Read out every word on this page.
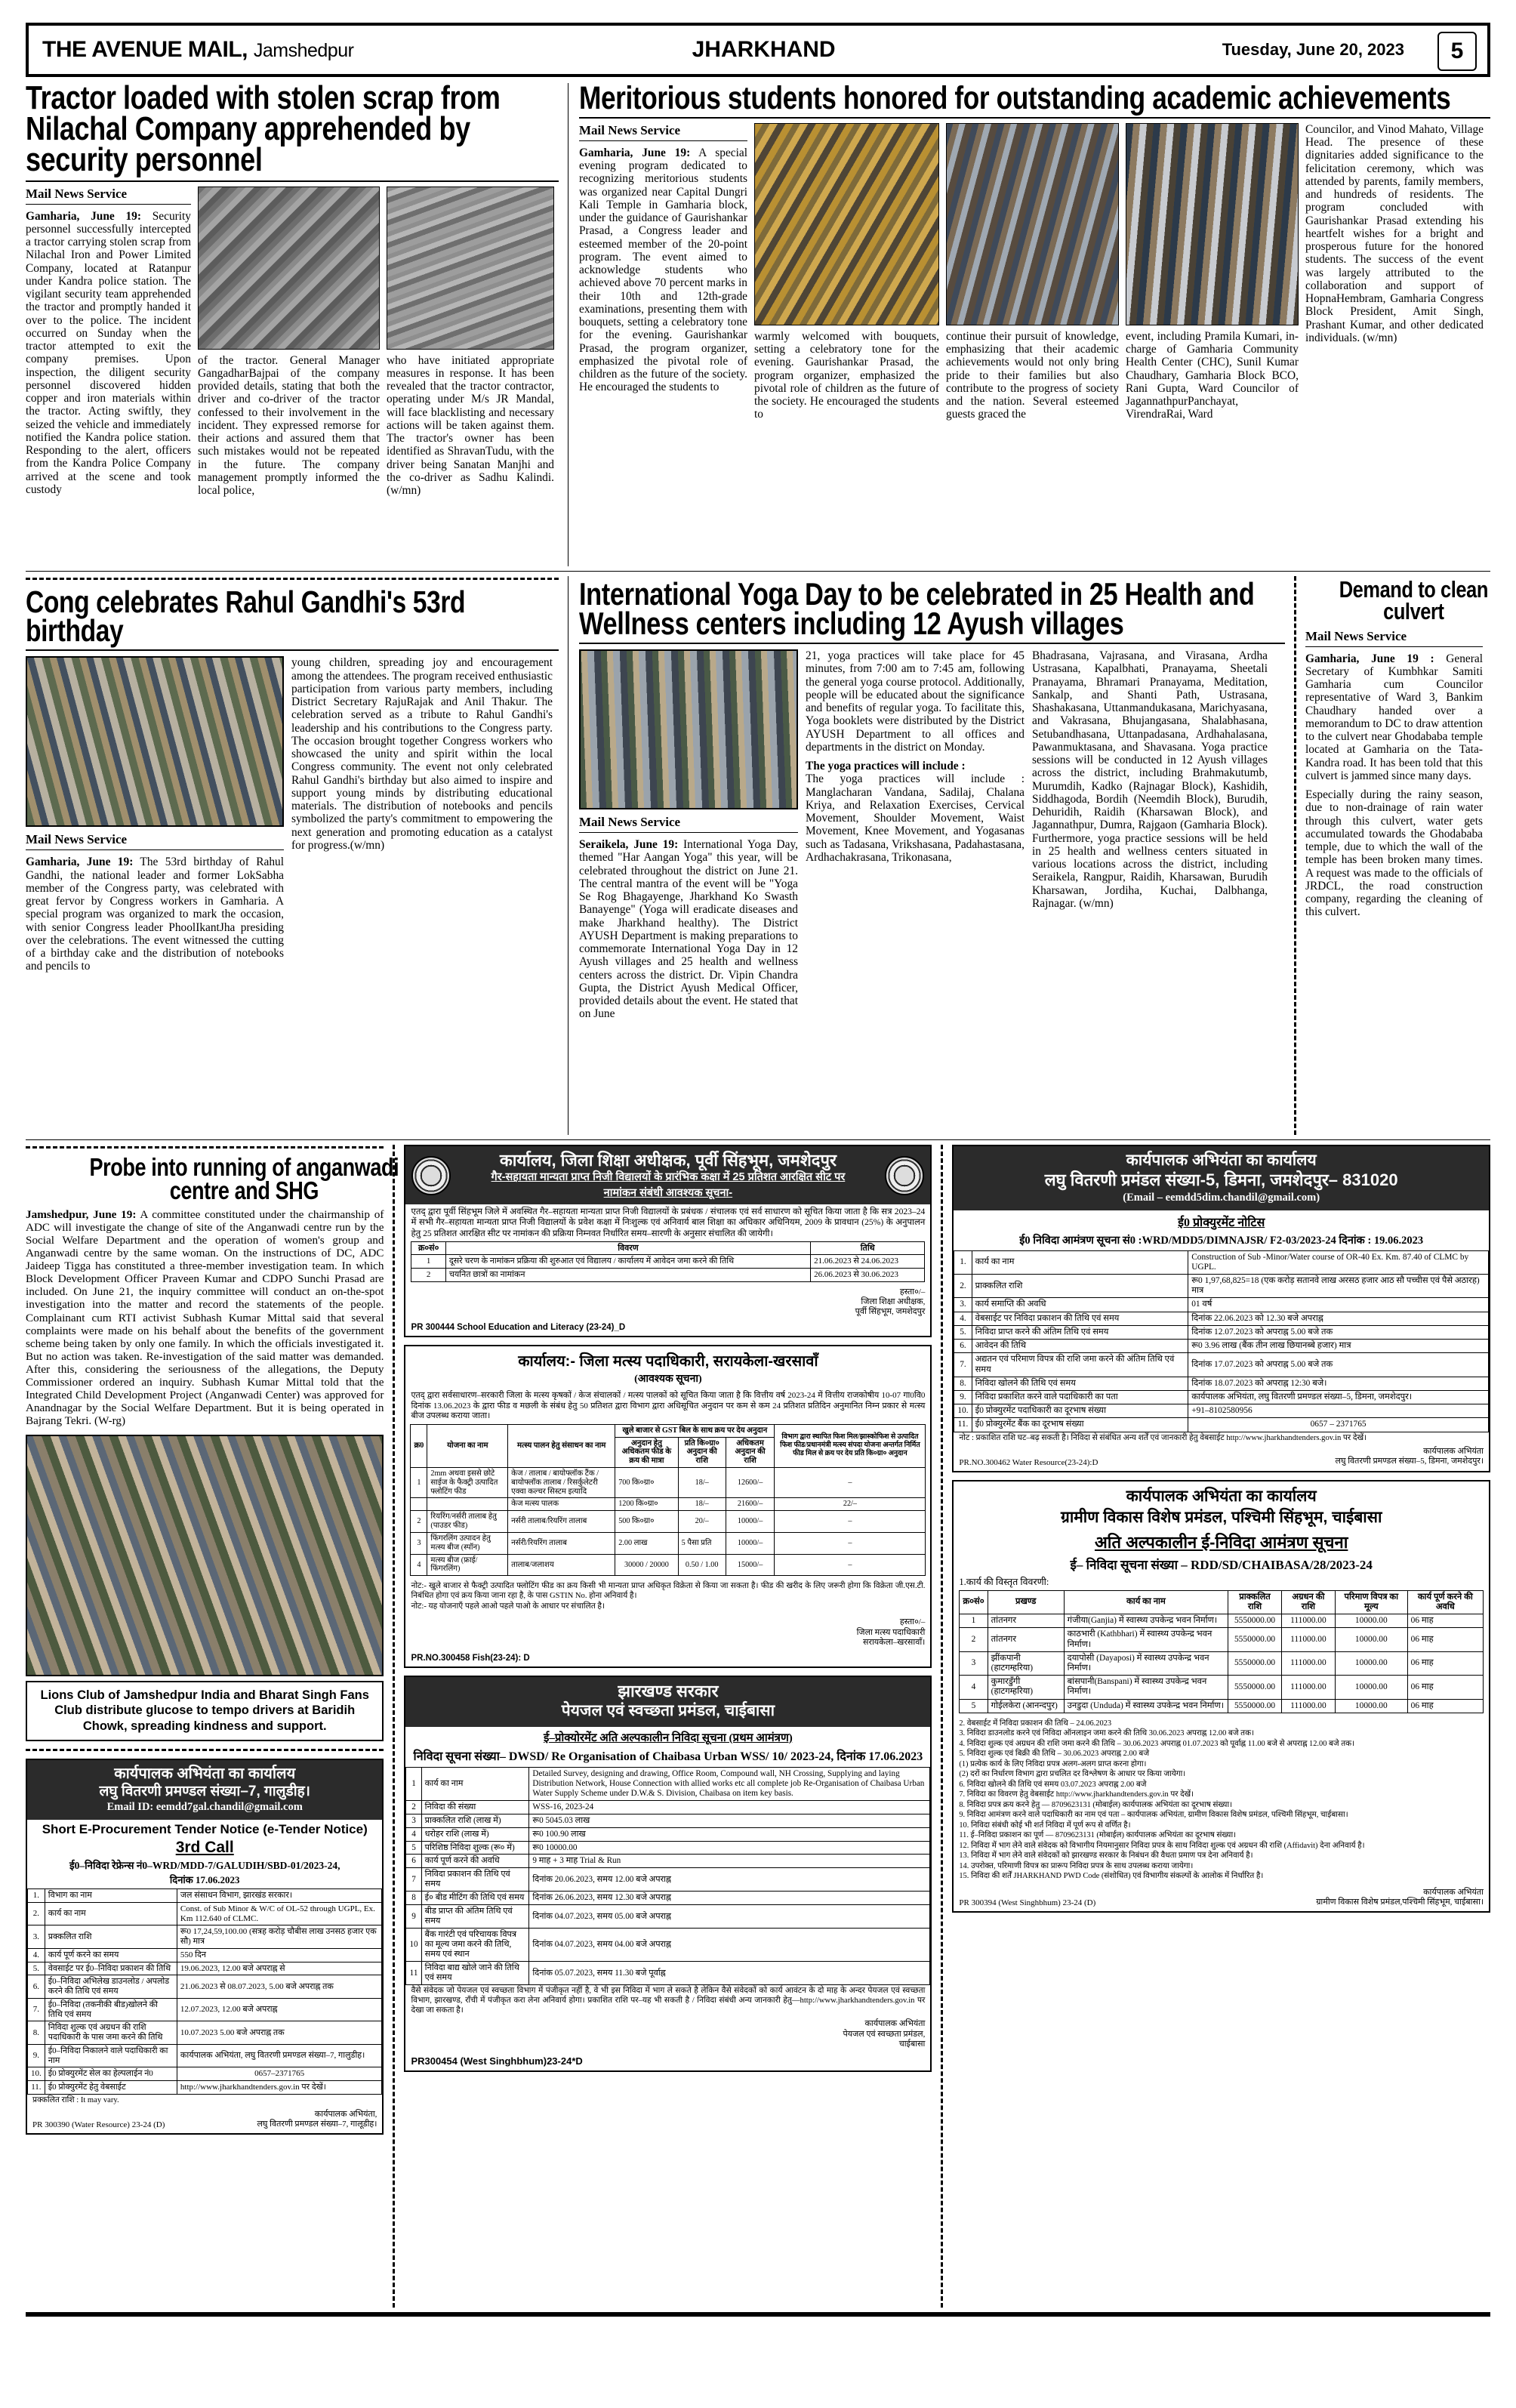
THE AVENUE MAIL, Jamshedpur	JHARKHAND	Tuesday, June 20, 2023	5
Tractor loaded with stolen scrap from Nilachal Company apprehended by security personnel
Mail News Service
Gamharia, June 19: Security personnel successfully intercepted a tractor carrying stolen scrap from Nilachal Iron and Power Limited Company, located at Ratanpur under Kandra police station. The vigilant security team apprehended the tractor and promptly handed it over to the police. The incident occurred on Sunday when the tractor attempted to exit the company premises. Upon inspection, the diligent security personnel discovered hidden copper and iron materials within the tractor. Acting swiftly, they seized the vehicle and immediately notified the Kandra police station. Responding to the alert, officers from the Kandra Police Company arrived at the scene and took custody
of the tractor. General Manager GangadharBajpai of the company provided details, stating that both the driver and co-driver of the tractor confessed to their involvement in the incident. They expressed remorse for their actions and assured them that such mistakes would not be repeated in the future. The company management promptly informed the local police,
who have initiated appropriate measures in response. It has been revealed that the tractor contractor, operating under M/s JR Mandal, will face blacklisting and necessary actions will be taken against them. The tractor's owner has been identified as ShravanTudu, with the driver being Sanatan Manjhi and the co-driver as Sadhu Kalindi.(w/mn)
Meritorious students honored for outstanding academic achievements
Mail News Service
Gamharia, June 19: A special evening program dedicated to recognizing meritorious students was organized near Capital Dungri Kali Temple in Gamharia block, under the guidance of Gaurishankar Prasad, a Congress leader and esteemed member of the 20-point program. The event aimed to acknowledge students who achieved above 70 percent marks in their 10th and 12th-grade examinations, presenting them with bouquets, setting a celebratory tone for the evening. Gaurishankar Prasad, the program organizer, emphasized the pivotal role of children as the future of the society. He encouraged the students to
warmly welcomed with bouquets, setting a celebratory tone for the evening. Gaurishankar Prasad, the program organizer, emphasized the pivotal role of children as the future of the society. He encouraged the students to
continue their pursuit of knowledge, emphasizing that their academic achievements would not only bring pride to their families but also contribute to the progress of society and the nation. Several esteemed guests graced the
event, including Pramila Kumari, in-charge of Gamharia Community Health Center (CHC), Sunil Kumar Chaudhary, Gamharia Block BCO, Rani Gupta, Ward Councilor of JagannathpurPanchayat, VirendraRai, Ward
Councilor, and Vinod Mahato, Village Head. The presence of these dignitaries added significance to the felicitation ceremony, which was attended by parents, family members, and hundreds of residents. The program concluded with Gaurishankar Prasad extending his heartfelt wishes for a bright and prosperous future for the honored students. The success of the event was largely attributed to the collaboration and support of HopnaHembram, Gamharia Congress Block President, Amit Singh, Prashant Kumar, and other dedicated individuals. (w/mn)
Cong celebrates Rahul Gandhi's 53rd birthday
Mail News Service
Gamharia, June 19: The 53rd birthday of Rahul Gandhi, the national leader and former LokSabha member of the Congress party, was celebrated with great fervor by Congress workers in Gamharia. A special program was organized to mark the occasion, with senior Congress leader PhoolIkantJha presiding over the celebrations. The event witnessed the cutting of a birthday cake and the distribution of notebooks and pencils to
young children, spreading joy and encouragement among the attendees. The program received enthusiastic participation from various party members, including District Secretary RajuRajak and Anil Thakur. The celebration served as a tribute to Rahul Gandhi's leadership and his contributions to the Congress party. The occasion brought together Congress workers who showcased the unity and spirit within the local Congress community. The event not only celebrated Rahul Gandhi's birthday but also aimed to inspire and support young minds by distributing educational materials. The distribution of notebooks and pencils symbolized the party's commitment to empowering the next generation and promoting education as a catalyst for progress.(w/mn)
International Yoga Day to be celebrated in 25 Health and Wellness centers including 12 Ayush villages
Mail News Service
Seraikela, June 19: International Yoga Day, themed "Har Aangan Yoga" this year, will be celebrated throughout the district on June 21. The central mantra of the event will be "Yoga Se Rog Bhagayenge, Jharkhand Ko Swasth Banayenge" (Yoga will eradicate diseases and make Jharkhand healthy). The District AYUSH Department is making preparations to commemorate International Yoga Day in 12 Ayush villages and 25 health and wellness centers across the district. Dr. Vipin Chandra Gupta, the District Ayush Medical Officer, provided details about the event. He stated that on June
21, yoga practices will take place for 45 minutes, from 7:00 am to 7:45 am, following the general yoga course protocol. Additionally, people will be educated about the significance and benefits of regular yoga. To facilitate this, Yoga booklets were distributed by the District AYUSH Department to all offices and departments in the district on Monday.
The yoga practices will include :
The yoga practices will include : Manglacharan Vandana, Sadilaj, Chalana Kriya, and Relaxation Exercises, Cervical Movement, Shoulder Movement, Waist Movement, Knee Movement, and Yogasanas such as Tadasana, Vrikshasana, Padahastasana, Ardhachakrasana, Trikonasana,
Bhadrasana, Vajrasana, and Virasana, Ardha Ustrasana, Kapalbhati, Pranayama, Sheetali Pranayama, Bhramari Pranayama, Meditation, Sankalp, and Shanti Path, Ustrasana, Shashakasana, Uttanmandukasana, Marichyasana, and Vakrasana, Bhujangasana, Shalabhasana, Setubandhasana, Uttanpadasana, Ardhahalasana, Pawanmuktasana, and Shavasana. Yoga practice sessions will be conducted in 12 Ayush villages across the district, including Brahmakutumb, Murumdih, Kadko (Rajnagar Block), Kashidih, Siddhagoda, Bordih (Neemdih Block), Burudih, Dehuridih, Raidih (Kharsawan Block), and Jagannathpur, Dumra, Rajgaon (Gamharia Block). Furthermore, yoga practice sessions will be held in 25 health and wellness centers situated in various locations across the district, including Seraikela, Rangpur, Raidih, Kharsawan, Burudih Kharsawan, Jordiha, Kuchai, Dalbhanga, Rajnagar. (w/mn)
Demand to clean culvert
Mail News Service
Gamharia, June 19 : General Secretary of Kumbhkar Samiti Gamharia cum Councilor representative of Ward 3, Bankim Chaudhary handed over a memorandum to DC to draw attention to the culvert near Ghodababa temple located at Gamharia on the Tata-Kandra road. It has been told that this culvert is jammed since many days.
Especially during the rainy season, due to non-drainage of rain water through this culvert, water gets accumulated towards the Ghodababa temple, due to which the wall of the temple has been broken many times. A request was made to the officials of JRDCL, the road construction company, regarding the cleaning of this culvert.
Probe into running of anganwadi centre and SHG
Jamshedpur, June 19: A committee constituted under the chairmanship of ADC will investigate the change of site of the Anganwadi centre run by the Social Welfare Department and the operation of women's group and Anganwadi centre by the same woman. On the instructions of DC, ADC Jaideep Tigga has constituted a three-member investigation team. In which Block Development Officer Praveen Kumar and CDPO Sunchi Prasad are included. On June 21, the inquiry committee will conduct an on-the-spot investigation into the matter and record the statements of the people. Complainant cum RTI activist Subhash Kumar Mittal said that several complaints were made on his behalf about the benefits of the government scheme being taken by only one family. In which the officials investigated it. But no action was taken. Re-investigation of the said matter was demanded. After this, considering the seriousness of the allegations, the Deputy Commissioner ordered an inquiry. Subhash Kumar Mittal told that the Integrated Child Development Project (Anganwadi Center) was approved for Anandnagar by the Social Welfare Department. But it is being operated in Bajrang Tekri. (W-rg)
Lions Club of Jamshedpur India and Bharat Singh Fans Club distribute glucose to tempo drivers at Baridih Chowk, spreading kindness and support.
कार्यपालक अभियंता का कार्यालय
लघु वितरणी प्रमण्डल संख्या–7, गालुडीह।
Email ID: eemdd7gal.chandil@gmail.com
Short E-Procurement Tender Notice (e-Tender Notice)
3rd Call
ई0–निविदा रेफ्रेन्स नं0–WRD/MDD-7/GALUDIH/SBD-01/2023-24,
दिनांक 17.06.2023
1.	विभाग का नाम	जल संसाधन विभाग, झारखंड सरकार।
2.	कार्य का नाम	Const. of Sub Minor & W/C of OL-52 through UGPL, Ex. Km 112.640 of CLMC.
3.	प्रक्कलित राशि	रू0 17,24,59,100.00 (सत्रह करोड़ चौबीस लाख उनसठ हजार एक सौ) मात्र
4.	कार्य पूर्ण करने का समय	550 दिन
5.	वेवसाईट पर ई0–निविदा प्रकाशन की तिथि	19.06.2023, 12.00 बजे अपराह्न से
6.	ई0–निविदा अभिलेख डाउनलोड / अपलोड करने की तिथि एवं समय	21.06.2023 से 08.07.2023, 5.00 बजे अपराह्न तक
7.	ई0–निविदा (तकनीकी बीड)खोलने की तिथि एवं समय	12.07.2023, 12.00 बजे अपराह्न
8.	निविदा शुल्क एवं अग्रधन की राशि पदाधिकारी के पास जमा करने की तिथि	10.07.2023 5.00 बजे अपराह्न तक
9.	ई0–निविदा निकालने वाले पदाधिकारी का नाम	कार्यपालक अभियंता, लघु वितरणी प्रमण्डल संख्या–7, गालुडीह।
10.	ई0 प्रोक्युरमेंट सेल का हेल्पलाईन नं0	0657–2371765
11.	ई0 प्रोक्युरमेंट हेतु वेबसाईट	http://www.jharkhandtenders.gov.in पर देखें।
प्रक्कलित राशि : It may vary.
PR 300390 (Water Resource) 23-24 (D)
कार्यपालक अभियंता,
लघु वितरणी प्रमण्डल संख्या–7, गालूडीह।
कार्यालय, जिला शिक्षा अधीक्षक, पूर्वी सिंहभूम, जमशेदपुर
गैर-सहायता मान्यता प्राप्त निजी विद्यालयों के प्रारंभिक कक्षा में 25 प्रतिशत आरक्षित सीट पर
नामांकन संबंधी आवश्यक सूचना-
एतद् द्वारा पूर्वी सिंहभूम जिले में अवस्थित गैर–सहायता मान्यता प्राप्त निजी विद्यालयों के प्रबंधक / संचालक एवं सर्व साधारण को सूचित किया जाता है कि सत्र 2023–24 में सभी गैर–सहायता मान्यता प्राप्त निजी विद्यालयों के प्रवेश कक्षा में निःशुल्क एवं अनिवार्य बाल शिक्षा का अधिकार अधिनियम, 2009 के प्रावधान (25%) के अनुपालन हेतु 25 प्रतिशत आरक्षित सीट पर नामांकन की प्रक्रिया निम्नवत निर्धारित समय–सारणी के अनुसार संचालित की जायेगी।
क्र०सं०	विवरण	तिथि
1	दूसरे चरण के नामांकन प्रक्रिया की शुरुआत एवं विद्यालय / कार्यालय में आवेदन जमा करने की तिथि	21.06.2023 से 24.06.2023
2	चयनित छात्रों का नामांकन	26.06.2023 से 30.06.2023
हस्ता०/–
जिला शिक्षा अधीक्षक,
पूर्वी सिंहभूम, जमशेदपुर
PR 300444 School Education and Literacy (23-24)_D
कार्यालय:- जिला मत्स्य पदाधिकारी, सरायकेला-खरसावाँ
(आवश्यक सूचना)
एतद् द्वारा सर्वसाधारण–सरकारी जिला के मत्स्य कृषकों / केज संचालकों / मत्स्य पालकों को सूचित किया जाता है कि वित्तीय वर्ष 2023-24 में वित्तीय राजकोषीय 10-07 गा0वि0 दिनांक 13.06.2023 के द्वारा फीड व मछली के संबंध हेतु 50 प्रतिशत द्वारा विभाग द्वारा अधिसूचित अनुदान पर कम से कम 24 प्रतिशत प्रतिदिन अनुमानित निम्न प्रकार से मत्स्य बीज उपलब्ध कराया जाता।
क्र0	योजना का नाम	मत्स्य पालन हेतु संसाधन का नाम	खुले बाजार से GST बिल के साथ क्रय पर देय अनुदान			विभाग द्वारा स्थापित फिश मिल/झास्कोफिश से उत्पादित फिश फीड/प्रधानमंत्री मत्स्य संपदा योजना अन्तर्गत निर्मित फीड मिल से क्रय पर देय प्रति कि०ग्रा० अनुदान
			अनुदान हेतु अधिकतम फीड के क्रय की मात्रा	प्रति कि०ग्रा० अनुदान की राशि	अधिकतम अनुदान की राशि	
1	2mm अथवा इससे छोटे साईज के फैक्ट्री उत्पादित फ्लोटिंग फीड	केज / तालाब / बायोफ्लॉक टैंक / बायोफ्लॉक तालाब / रिसर्कुलेटरी एक्वा कल्चर सिस्टम इत्यादि	700 कि०ग्रा०	18/–	12600/–	–
		केज मत्स्य पालक	1200 कि०ग्रा०	18/–	21600/–	22/–
2	रियरिंग/नर्सरी तालाब हेतु (पाउडर फीड)	नर्सरी तालाब/रियरिंग तालाब	500 कि०ग्रा०	20/–	10000/–	–
3	फिंगरलिंग उत्पादन हेतु मत्स्य बीज (स्पॉन)	नर्सरी/रियरिंग तालाब	2.00 लाख	5 पैसा प्रति	10000/–	–
4	मत्स्य बीज (फ्राई/फिंगरलिंग)	तालाब/जलाशय	30000 / 20000	0.50 / 1.00	15000/–	–
नोट:- खुले बाजार से फैक्ट्री उत्पादित फ्लोटिंग फीड का क्रय किसी भी मान्यता प्राप्त अधिकृत विक्रेता से किया जा सकता है। फीड की खरीद के लिए जरूरी होगा कि विक्रेता जी.एस.टी. निबंधित होगा एवं क्रय किया जाना रहा है, के पास GSTIN No. होना अनिवार्य है।
नोट:- यह योजनाएँ पहले आओ पहले पाओ के आधार पर संचालित है।
हस्ता०/–
जिला मत्स्य पदाधिकारी
सरायकेला–खरसावाँ।
PR.NO.300458 Fish(23-24): D
झारखण्ड सरकार
पेयजल एवं स्वच्छता प्रमंडल, चाईबासा
ई–प्रोक्योरमेंट अति अल्पकालीन निविदा सूचना (प्रथम आमंत्रण)
निविदा सूचना संख्या– DWSD/ Re Organisation of Chaibasa Urban WSS/ 10/ 2023-24, दिनांक 17.06.2023
1	कार्य का नाम	Detailed Survey, designing and drawing, Office Room, Compound wall, NH Crossing, Supplying and laying Distribution Network, House Connection with allied works etc all complete job Re-Organisation of Chaibasa Urban Water Supply Scheme under D.W.& S. Division, Chaibasa on item key basis.
2	निविदा की संख्या	WSS-16, 2023-24
3	प्राक्कलित राशि (लाख में)	रू0 5045.03 लाख
4	धरोहर राशि (लाख में)	रू0 100.90 लाख
5	परिशिष्ठ निविदा शुल्क (रू० में)	रू0 10000.00
6	कार्य पूर्ण करने की अवधि	9 माह + 3 माह Trial & Run
7	निविदा प्रकाशन की तिथि एवं समय	दिनांक 20.06.2023, समय 12.00 बजे अपराह्न
8	ई० बीड मीटिंग की तिथि एवं समय	दिनांक 26.06.2023, समय 12.30 बजे अपराह्न
9	बीड प्राप्त की अंतिम तिथि एवं समय	दिनांक 04.07.2023, समय 05.00 बजे अपराह्न
10	बैंक गारंटी एवं परिचायक विपत्र का मूल्य जमा करने की तिथि, समय एवं स्थान	दिनांक 04.07.2023, समय 04.00 बजे अपराह्न
11	निविदा बाद्य खोले जाने की तिथि एवं समय	दिनांक 05.07.2023, समय 11.30 बजे पूर्वाह्न
वैसे संवेदक जो पेयजल एवं स्वच्छता विभाग में पंजीकृत नहीं है, वे भी इस निविदा में भाग ले सकते है लेकिन वैसे संवेदकों को कार्य आवंटन के दो माह के अन्दर पेयजल एवं स्वच्छता विभाग, झारखण्ड, राँची में पंजीकृत करा लेना अनिवार्य होगा। प्रकाशित राशि पर–यह भी सकती है / निविदा संबंधी अन्य जानकारी हेतु—http://www.jharkhandtenders.gov.in पर देखा जा सकता है।
कार्यपालक अभियंता
पेयजल एवं स्वच्छता प्रमंडल,
चाईबासा
PR300454 (West Singhbhum)23-24*D
कार्यपालक अभियंता का कार्यालय
लघु वितरणी प्रमंडल संख्या-5, डिमना, जमशेदपुर– 831020
(Email – eemdd5dim.chandil@gmail.com)
ई0 प्रोक्युरमेंट नोटिस
ई0 निविदा आमंत्रण सूचना सं0 :WRD/MDD5/DIMNAJSR/ F2-03/2023-24 दिनांक : 19.06.2023
1.	कार्य का नाम	Construction of Sub -Minor/Water course of OR-40 Ex. Km. 87.40 of CLMC by UGPL.
2.	प्राक्कलित राशि	रू0 1,97,68,825=18 (एक करोड़ सतानवे लाख अरसठ हजार आठ सौ पच्चीस एवं पैसे अठारह) मात्र
3.	कार्य समाप्ति की अवधि	01 वर्ष
4.	वेबसाईट पर निविदा प्रकाशन की तिथि एवं समय	दिनांक 22.06.2023 को 12.30 बजे अपराह्न
5.	निविदा प्राप्त करने की अंतिम तिथि एवं समय	दिनांक 12.07.2023 को अपराह्न 5.00 बजे तक
6.	आवेदन की तिथि	रू0 3.96 लाख (बैंक तीन लाख छियानब्बे हजार) मात्र
7.	अद्यतन एवं परिमाण विपत्र की राशि जमा करने की अंतिम तिथि एवं समय	दिनांक 17.07.2023 को अपराह्न 5.00 बजे तक
8.	निविदा खोलने की तिथि एवं समय	दिनांक 18.07.2023 को अपराह्न 12:30 बजे।
9.	निविदा प्रकाशित करने वाले पदाधिकारी का पता	कार्यपालक अभियंता, लघु वितरणी प्रमण्डल संख्या–5, डिमना, जमशेदपुर।
10.	ई0 प्रोक्युरमेंट पदाधिकारी का दूरभाष संख्या	+91–8102580956
11.	ई0 प्रोक्युरमेंट बैंक का दूरभाष संख्या	0657 – 2371765
नोट : प्रकाशित राशि घट–बढ़ सकती है। निविदा से संबंधित अन्य शर्तें एवं जानकारी हेतु वेबसाईट http://www.jharkhandtenders.gov.in पर देखें।
PR.NO.300462 Water Resource(23-24):D
कार्यपालक अभियंता
लघु वितरणी प्रमण्डल संख्या–5, डिमना, जमशेदपुर।
कार्यपालक अभियंता का कार्यालय
ग्रामीण विकास विशेष प्रमंडल, पश्चिमी सिंहभूम, चाईबासा
अति अल्पकालीन ई-निविदा आमंत्रण सूचना
ई– निविदा सूचना संख्या – RDD/SD/CHAIBASA/28/2023-24
1.कार्य की विस्तृत विवरणी:
क्र०सं०	प्रखण्ड	कार्य का नाम	प्राक्कलित राशि	अग्रधन की राशि	परिमाण विपत्र का मूल्य	कार्य पूर्ण करने की अवधि
1	तांतनगर	गंजीया(Ganjia) में स्वास्थ्य उपकेन्द्र भवन निर्माण।	5550000.00	111000.00	10000.00	06 माह
2	तांतनगर	काठभारी (Kathbhari) में स्वास्थ्य उपकेन्द्र भवन निर्माण।	5550000.00	111000.00	10000.00	06 माह
3	झींकपानी (हाटगम्हरिया)	दयापोसी (Dayaposi) में स्वास्थ्य उपकेन्द्र भवन निर्माण।	5550000.00	111000.00	10000.00	06 माह
4	कुमारडुँगी (हाटगम्हरिया)	बांसपानी(Banspani) में स्वास्थ्य उपकेन्द्र भवन निर्माण।	5550000.00	111000.00	10000.00	06 माह
5	गोईलकेरा (आनन्दपुर)	उनडुदा (Unduda) में स्वास्थ्य उपकेन्द्र भवन निर्माण।	5550000.00	111000.00	10000.00	06 माह
2. वेबसाईट में निविदा प्रकाशन की तिथि – 24.06.2023
3. निविदा डाउनलोड करने एवं निविदा ऑनलाइन जमा करने की तिथि 30.06.2023 अपराह्न 12.00 बजे तक।
4. निविदा शुल्क एवं अग्रधन की राशि जमा करने की तिथि – 30.06.2023 अपराह्न 01.07.2023 को पूर्वाह्न 11.00 बजे से अपराह्न 12.00 बजे तक।
5. निविदा शुल्क एवं बिक्री की तिथि – 30.06.2023 अपराह्न 2.00 बजे
(1) प्रत्येक कार्य के लिए निविदा प्रपत्र अलग-अलग प्राप्त करना होगा।
(2) दरों का निर्धारण विभाग द्वारा प्रचलित दर विश्लेषण के आधार पर किया जायेगा।
6. निविदा खोलने की तिथि एवं समय 03.07.2023 अपराह्न 2.00 बजे
7. निविदा का विवरण हेतु वेबसाईट http://www.jharkhandtenders.gov.in पर देखें।
8. निविदा प्रपत्र क्रय करने हेतु — 8709623131 (मोबाईल) कार्यपालक अभियंता का दूरभाष संख्या।
9. निविदा आमंत्रण करने वाले पदाधिकारी का नाम एवं पता – कार्यपालक अभियंता, ग्रामीण विकास विशेष प्रमंडल, पश्चिमी सिंहभूम, चाईबासा।
10. निविदा संबंधी कोई भी शर्त निविदा में पूर्ण रूप से वर्णित है।
11. ई–निविदा प्रकाशन का पूर्ण — 8709623131 (मोबाईल) कार्यपालक अभियंता का दूरभाष संख्या।
12. निविदा में भाग लेने वाले संवेदक को विभागीय नियमानुसार निविदा प्रपत्र के साथ निविदा शुल्क एवं अग्रधन की राशि (Affidavit) देना अनिवार्य है।
13. निविदा में भाग लेने वाले संवेदकों को झारखण्ड सरकार के निबंधन की वैधता प्रमाण पत्र देना अनिवार्य है।
14. उपरोक्त, परिमाणी विपत्र का प्रारूप निविदा प्रपत्र के साथ उपलब्ध कराया जायेगा।
15. निविदा की शर्तें JHARKHAND PWD Code (संशोधित) एवं विभागीय संकल्पों के आलोक में निर्धारित है।
PR 300394 (West Singhbhum) 23-24 (D)
कार्यपालक अभियंता
ग्रामीण विकास विशेष प्रमंडल,पश्चिमी सिंहभूम, चाईबासा।
